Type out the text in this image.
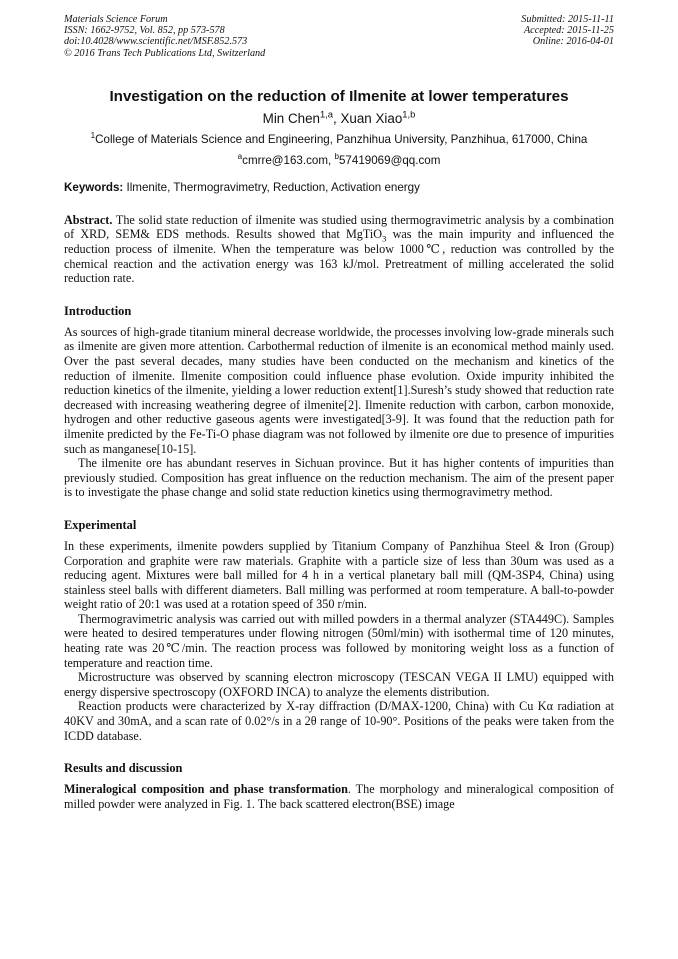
Materials Science Forum
ISSN: 1662-9752, Vol. 852, pp 573-578
doi:10.4028/www.scientific.net/MSF.852.573
© 2016 Trans Tech Publications Ltd, Switzerland
Submitted: 2015-11-11
Accepted: 2015-11-25
Online: 2016-04-01
Investigation on the reduction of Ilmenite at lower temperatures
Min Chen$^{1,a}$, Xuan Xiao$^{1,b}$
$^1$College of Materials Science and Engineering, Panzhihua University, Panzhihua, 617000, China
$^a$cmrre@163.com, $^b$57419069@qq.com
Keywords: Ilmenite, Thermogravimetry, Reduction, Activation energy

Abstract. The solid state reduction of ilmenite was studied using thermogravimetric analysis by a combination of XRD, SEM& EDS methods. Results showed that MgTiO$_3$ was the main impurity and influenced the reduction process of ilmenite. When the temperature was below 1000℃, reduction was controlled by the chemical reaction and the activation energy was 163 kJ/mol. Pretreatment of milling accelerated the solid reduction rate.

Introduction

As sources of high-grade titanium mineral decrease worldwide, the processes involving low-grade minerals such as ilmenite are given more attention. Carbothermal reduction of ilmenite is an economical method mainly used. Over the past several decades, many studies have been conducted on the mechanism and kinetics of the reduction of ilmenite. Ilmenite composition could influence phase evolution. Oxide impurity inhibited the reduction kinetics of the ilmenite, yielding a lower reduction extent[1].Suresh’s study showed that reduction rate decreased with increasing weathering degree of ilmenite[2]. Ilmenite reduction with carbon, carbon monoxide, hydrogen and other reductive gaseous agents were investigated[3-9]. It was found that the reduction path for ilmenite predicted by the Fe-Ti-O phase diagram was not followed by ilmenite ore due to presence of impurities such as manganese[10-15].

The ilmenite ore has abundant reserves in Sichuan province. But it has higher contents of impurities than previously studied. Composition has great influence on the reduction mechanism. The aim of the present paper is to investigate the phase change and solid state reduction kinetics using thermogravimetry method.

Experimental

In these experiments, ilmenite powders supplied by Titanium Company of Panzhihua Steel & Iron (Group) Corporation and graphite were raw materials. Graphite with a particle size of less than 30um was used as a reducing agent. Mixtures were ball milled for 4 h in a vertical planetary ball mill (QM-3SP4, China) using stainless steel balls with different diameters. Ball milling was performed at room temperature. A ball-to-powder weight ratio of 20:1 was used at a rotation speed of 350 r/min.

Thermogravimetric analysis was carried out with milled powders in a thermal analyzer (STA449C). Samples were heated to desired temperatures under flowing nitrogen (50ml/min) with isothermal time of 120 minutes, heating rate was 20℃/min. The reaction process was followed by monitoring weight loss as a function of temperature and reaction time.

Microstructure was observed by scanning electron microscopy (TESCAN VEGA II LMU) equipped with energy dispersive spectroscopy (OXFORD INCA) to analyze the elements distribution.

Reaction products were characterized by X-ray diffraction (D/MAX-1200, China) with Cu Kα radiation at 40KV and 30mA, and a scan rate of 0.02°/s in a 2θ range of 10-90°. Positions of the peaks were taken from the ICDD database.

Results and discussion

Mineralogical composition and phase transformation. The morphology and mineralogical composition of milled powder were analyzed in Fig. 1. The back scattered electron(BSE) image
